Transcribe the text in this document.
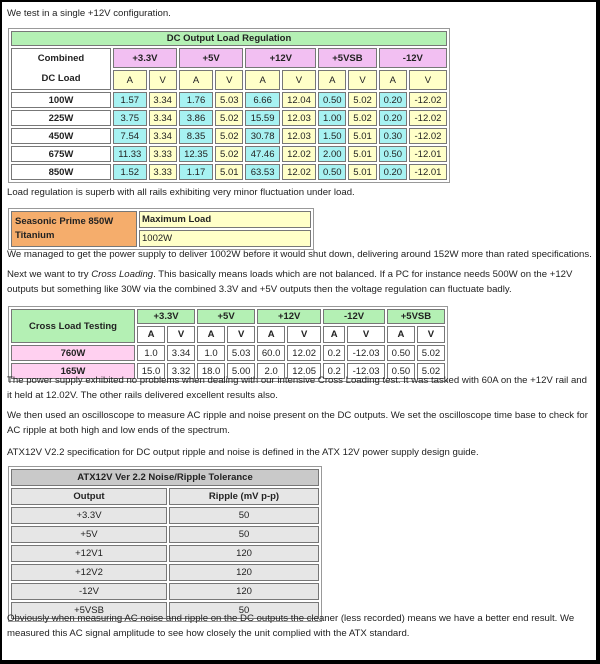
We test in a single +12V configuration.

DC Output Load Regulation										
Combined
DC Load	+3.3V		+5V		+12V		+5VSB		-12V	
	A	V	A	V	A	V	A	V	A	V
100W	1.57	3.34	1.76	5.03	6.66	12.04	0.50	5.02	0.20	-12.02
225W	3.75	3.34	3.86	5.02	15.59	12.03	1.00	5.02	0.20	-12.02
450W	7.54	3.34	8.35	5.02	30.78	12.03	1.50	5.01	0.30	-12.02
675W	11.33	3.33	12.35	5.02	47.46	12.02	2.00	5.01	0.50	-12.01
850W	1.52	3.33	1.17	5.01	63.53	12.02	0.50	5.01	0.20	-12.01

Load regulation is superb with all rails exhibiting very minor fluctuation under load.

Seasonic Prime 850W Titanium	Maximum Load
1002W

We managed to get the power supply to deliver 1002W before it would shut down, delivering around 152W more than rated specifications.

Next we want to try Cross Loading. This basically means loads which are not balanced. If a PC for instance needs 500W on the +12V outputs but something like 30W via the combined 3.3V and +5V outputs then the voltage regulation can fluctuate badly.

Cross Load Testing	+3.3V		+5V		+12V		-12V		+5VSB	
	A	V	A	V	A	V	A	V	A	V
760W	1.0	3.34	1.0	5.03	60.0	12.02	0.2	-12.03	0.50	5.02
165W	15.0	3.32	18.0	5.00	2.0	12.05	0.2	-12.03	0.50	5.02

The power supply exhibited no problems when dealing with our intensive Cross Loading test. It was tasked with 60A on the +12V rail and it held at 12.02V. The other rails delivered excellent results also.

We then used an oscilloscope to measure AC ripple and noise present on the DC outputs. We set the oscilloscope time base to check for AC ripple at both high and low ends of the spectrum.

ATX12V V2.2 specification for DC output ripple and noise is defined in the ATX 12V power supply design guide.

ATX12V Ver 2.2 Noise/Ripple Tolerance	
Output	Ripple (mV p-p)
+3.3V	50
+5V	50
+12V1	120
+12V2	120
-12V	120
+5VSB	50

Obviously when measuring AC noise and ripple on the DC outputs the cleaner (less recorded) means we have a better end result. We measured this AC signal amplitude to see how closely the unit complied with the ATX standard.

[773x835] https://upic.me/
